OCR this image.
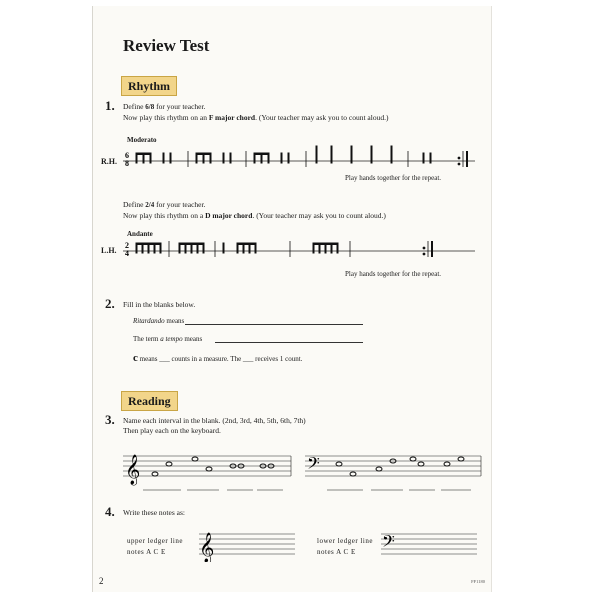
Review Test
Rhythm
1. Define 6/8 for your teacher.
Now play this rhythm on an F major chord. (Your teacher may ask you to count aloud.)
Moderato
R.H.
6
8
Play hands together for the repeat.
Define 2/4 for your teacher.
Now play this rhythm on a D major chord. (Your teacher may ask you to count aloud.)
Andante
L.H.
2
4
Play hands together for the repeat.
2. Fill in the blanks below.
Ritardando means
The term a tempo means
c means ___ counts in a measure. The ___ receives 1 count.
Reading
3. Name each interval in the blank. (2nd, 3rd, 4th, 5th, 6th, 7th)
Then play each on the keyboard.
𝄞	𝄢
4. Write these notes as:
upper ledger line
notes A C E 𝄞	lower ledger line
notes A C E 𝄢
2	FF1180
